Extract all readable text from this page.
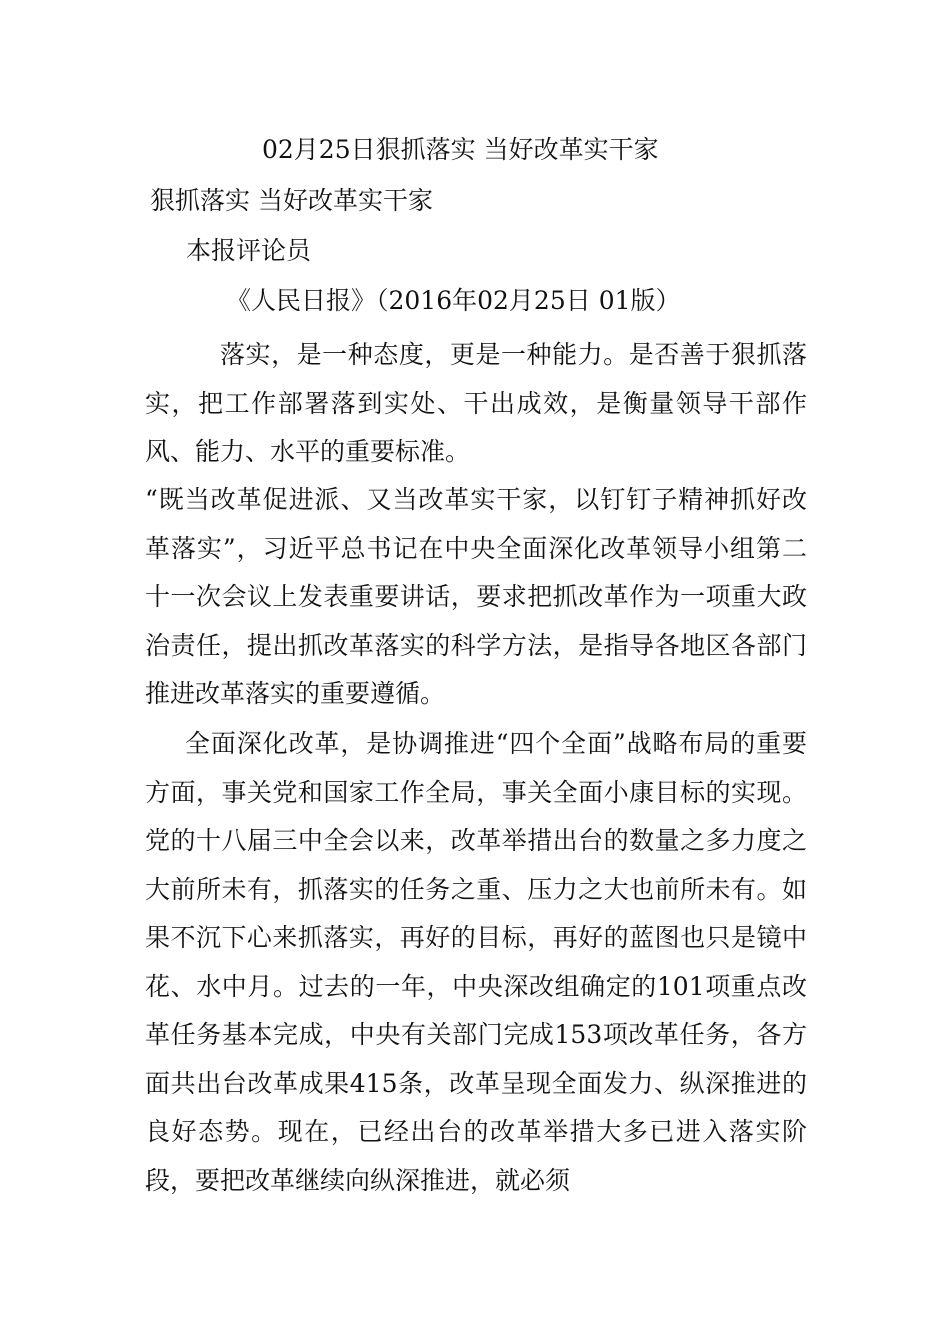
02月25日狠抓落实 当好改革实干家
狠抓落实 当好改革实干家
本报评论员
《人民日报》（2016年02月25日 01版）

落实，是一种态度，更是一种能力。是否善于狠抓落实，把工作部署落到实处、干出成效，是衡量领导干部作风、能力、水平的重要标准。

“既当改革促进派、又当改革实干家，以钉钉子精神抓好改革落实”，习近平总书记在中央全面深化改革领导小组第二十一次会议上发表重要讲话，要求把抓改革作为一项重大政治责任，提出抓改革落实的科学方法，是指导各地区各部门推进改革落实的重要遵循。

全面深化改革，是协调推进“四个全面”战略布局的重要方面，事关党和国家工作全局，事关全面小康目标的实现。党的十八届三中全会以来，改革举措出台的数量之多力度之大前所未有，抓落实的任务之重、压力之大也前所未有。如果不沉下心来抓落实，再好的目标，再好的蓝图也只是镜中花、水中月。过去的一年，中央深改组确定的101项重点改革任务基本完成，中央有关部门完成153项改革任务，各方面共出台改革成果415条，改革呈现全面发力、纵深推进的良好态势。现在，已经出台的改革举措大多已进入落实阶段，要把改革继续向纵深推进，就必须
